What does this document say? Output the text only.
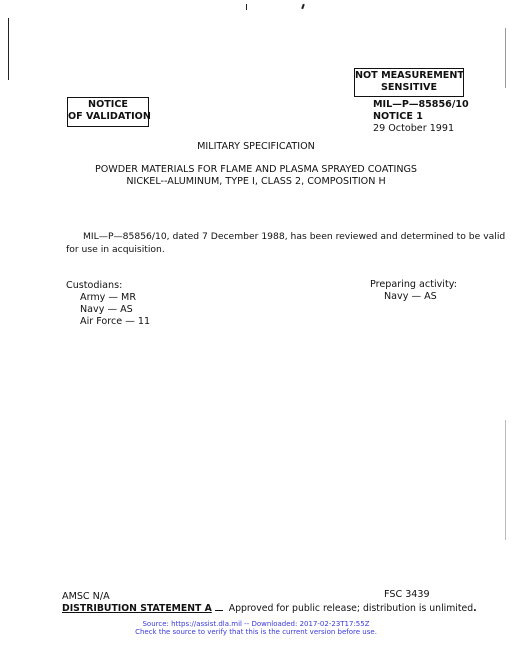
NOT MEASUREMENT
SENSITIVE
NOTICE
OF VALIDATION
MIL—P—85856/10
NOTICE 1
29 October 1991
MILITARY SPECIFICATION
POWDER MATERIALS FOR FLAME AND PLASMA SPRAYED COATINGS
NICKEL--ALUMINUM, TYPE I, CLASS 2, COMPOSITION H
MIL—P—85856/10, dated 7 December 1988, has been reviewed and determined to be valid
for use in acquisition.
Custodians:
Army — MR
Navy — AS
Air Force — 11
Preparing activity:
Navy — AS
AMSC N/A	FSC 3439
DISTRIBUTION STATEMENT A Approved for public release; distribution is unlimited.
Source: https://assist.dla.mil -- Downloaded: 2017-02-23T17:55Z
Check the source to verify that this is the current version before use.
